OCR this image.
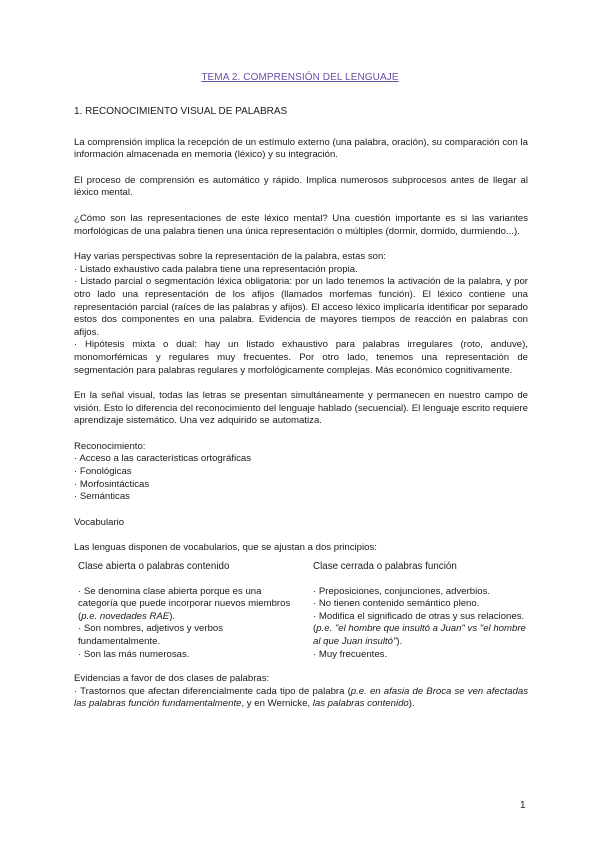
TEMA 2. COMPRENSIÓN DEL LENGUAJE
1. RECONOCIMIENTO VISUAL DE PALABRAS

La comprensión implica la recepción de un estímulo externo (una palabra, oración), su comparación con la información almacenada en memoria (léxico) y su integración.

El proceso de comprensión es automático y rápido. Implica numerosos subprocesos antes de llegar al léxico mental.

¿Cómo son las representaciones de este léxico mental? Una cuestión importante es si las variantes morfológicas de una palabra tienen una única representación o múltiples (dormir, dormido, durmiendo...).

Hay varias perspectivas sobre la representación de la palabra, estas son:
· Listado exhaustivo cada palabra tiene una representación propia.
· Listado parcial o segmentación léxica obligatoria: por un lado tenemos la activación de la palabra, y por otro lado una representación de los afijos (llamados morfemas función). El léxico contiene una representación parcial (raíces de las palabras y afijos). El acceso léxico implicaría identificar por separado estos dos componentes en una palabra. Evidencia de mayores tiempos de reacción en palabras con afijos.
· Hipótesis mixta o dual: hay un listado exhaustivo para palabras irregulares (roto, anduve), monomorfémicas y regulares muy frecuentes. Por otro lado, tenemos una representación de segmentación para palabras regulares y morfológicamente complejas. Más económico cognitivamente.

En la señal visual, todas las letras se presentan simultáneamente y permanecen en nuestro campo de visión. Esto lo diferencia del reconocimiento del lenguaje hablado (secuencial). El lenguaje escrito requiere aprendizaje sistemático. Una vez adquirido se automatiza.

Reconocimiento:
· Acceso a las características ortográficas
· Fonológicas
· Morfosintácticas
· Semánticas

Vocabulario

Las lenguas disponen de vocabularios, que se ajustan a dos principios:
Clase abierta o palabras contenido
· Se denomina clase abierta porque es una categoría que puede incorporar nuevos miembros (p.e. novedades RAE).
· Son nombres, adjetivos y verbos fundamentalmente.
· Son las más numerosas.
Clase cerrada o palabras función
· Preposiciones, conjunciones, adverbios.
· No tienen contenido semántico pleno.
· Modifica el significado de otras y sus relaciones. (p.e. "el hombre que insultó a Juan" vs "el hombre al que Juan insultó").
· Muy frecuentes.
Evidencias a favor de dos clases de palabras:
· Trastornos que afectan diferencialmente cada tipo de palabra (p.e. en afasia de Broca se ven afectadas las palabras función fundamentalmente, y en Wernicke, las palabras contenido).
1
